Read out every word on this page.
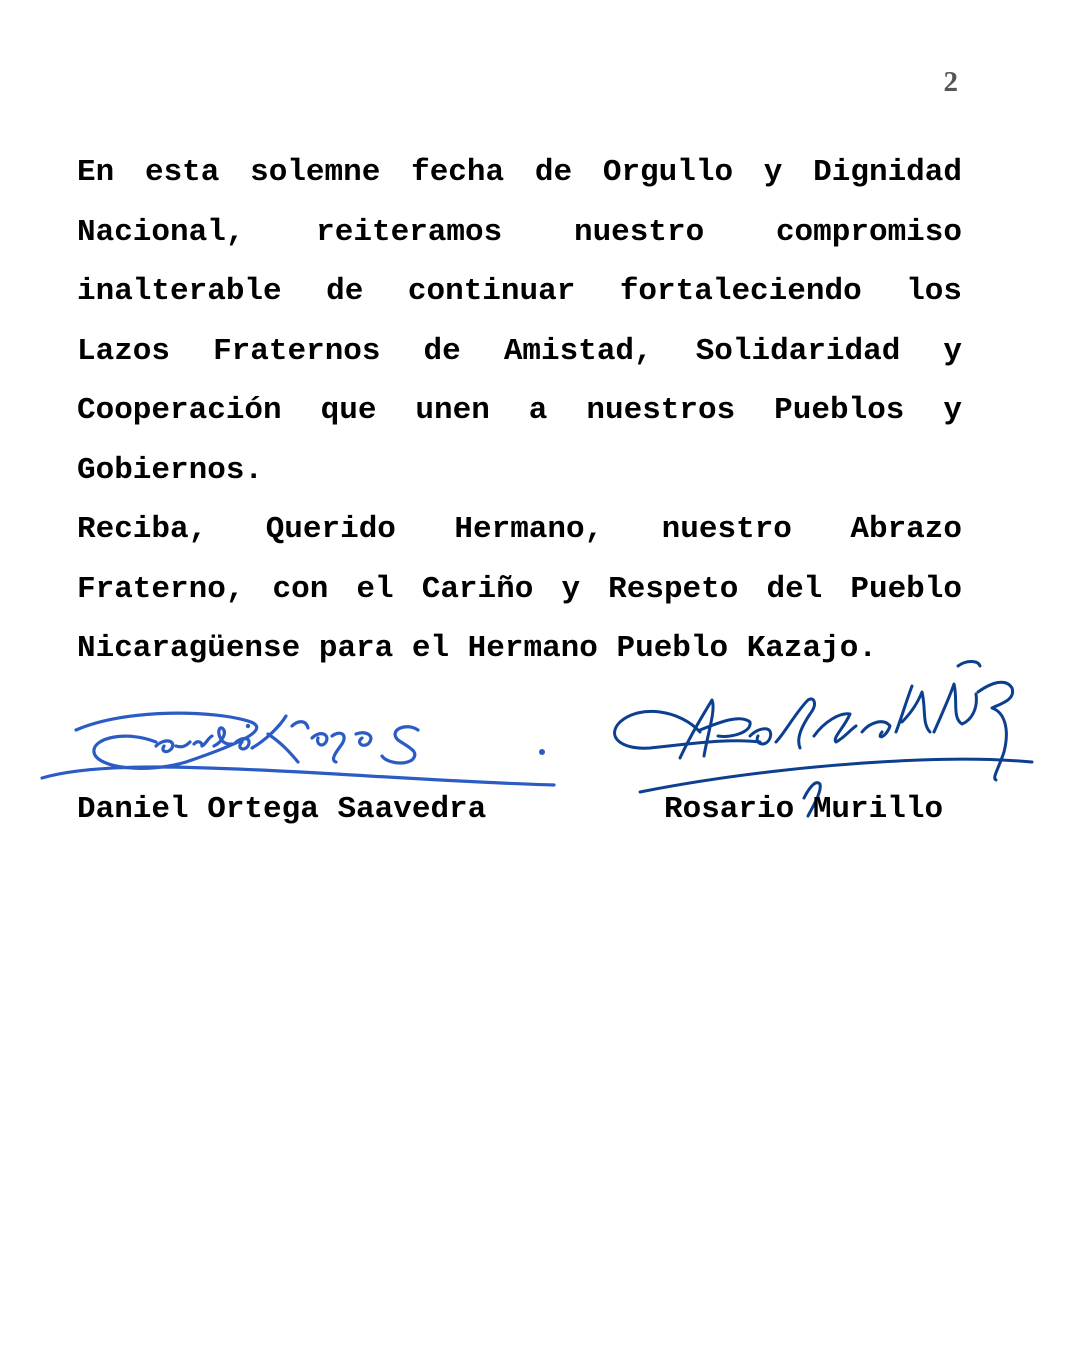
2
En esta solemne fecha de Orgullo y Dignidad Nacional, reiteramos nuestro compromiso inalterable de continuar fortaleciendo los Lazos Fraternos de Amistad, Solidaridad y Cooperación que unen a nuestros Pueblos y Gobiernos.
Reciba, Querido Hermano, nuestro Abrazo Fraterno, con el Cariño y Respeto del Pueblo Nicaragüense para el Hermano Pueblo Kazajo.
Daniel Ortega Saavedra	Rosario Murillo
